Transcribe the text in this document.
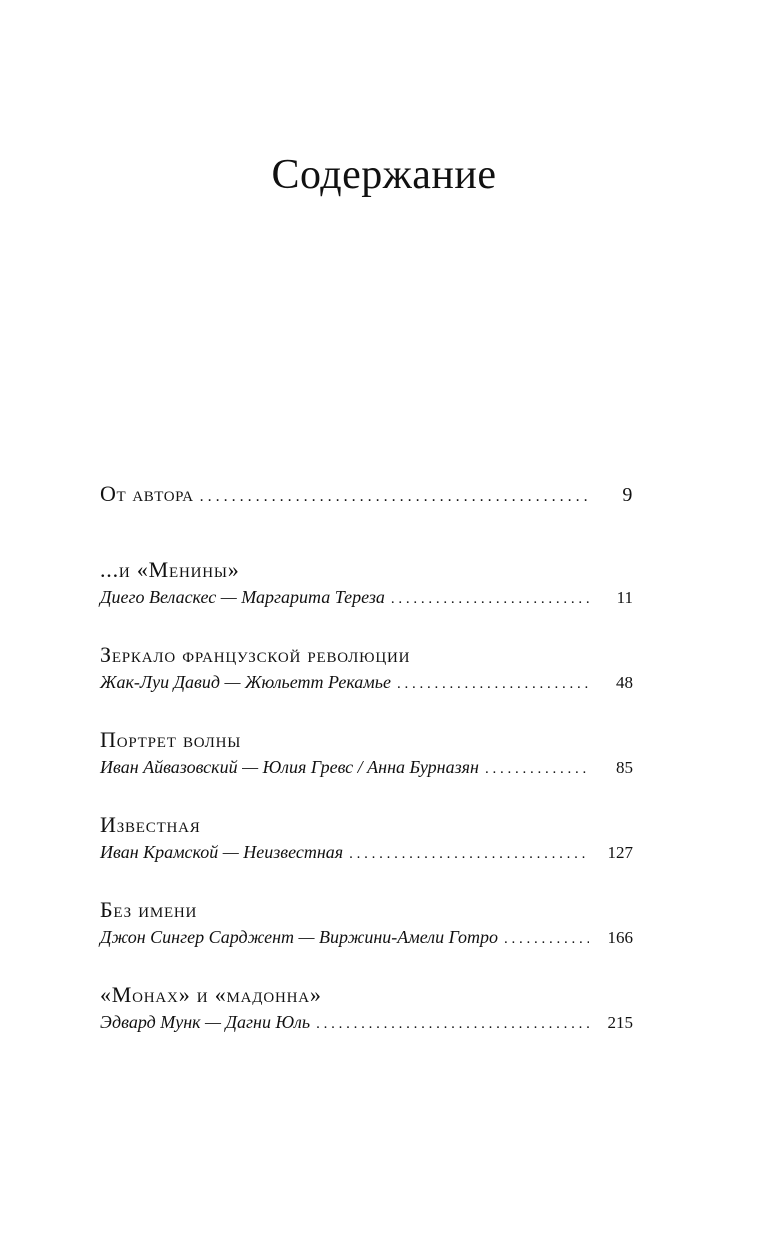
Содержание
От автора . . .	9
...и «Менины»
Диего Веласкес — Маргарита Тереза . . .	11
Зеркало французской революции
Жак-Луи Давид — Жюльетт Рекамье . . .	48
Портрет волны
Иван Айвазовский — Юлия Гревс / Анна Бурназян . . .	85
Известная
Иван Крамской — Неизвестная . . .	127
Без имени
Джон Сингер Сарджент — Виржини-Амели Готро . . .	166
«Монах» и «мадонна»
Эдвард Мунк — Дагни Юль . . .	215
